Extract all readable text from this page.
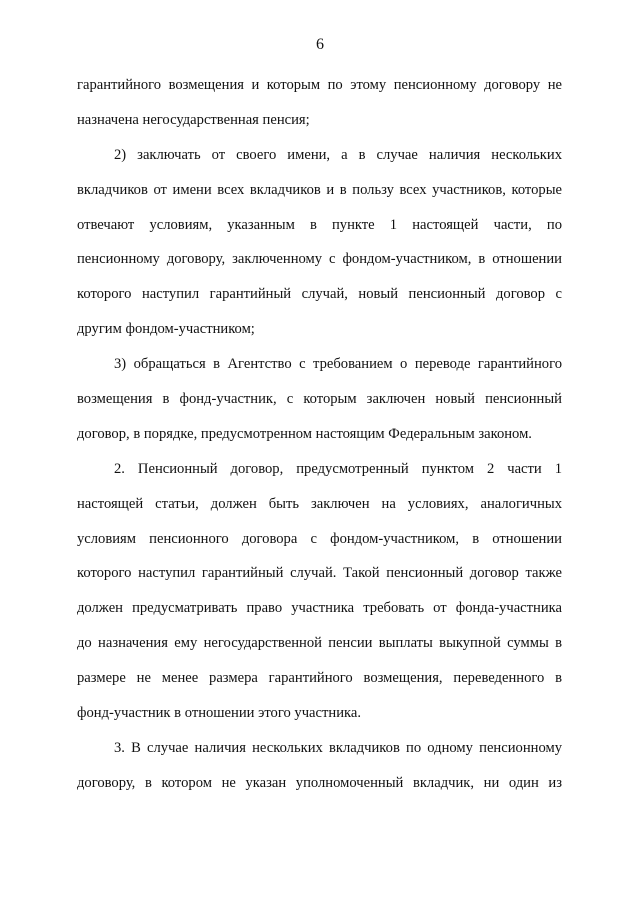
6
гарантийного возмещения и которым по этому пенсионному договору не
назначена негосударственная пенсия;
2) заключать от своего имени, а в случае наличия нескольких
вкладчиков от имени всех вкладчиков и в пользу всех участников, которые
отвечают условиям, указанным в пункте 1 настоящей части, по
пенсионному договору, заключенному с фондом-участником, в отношении
которого наступил гарантийный случай, новый пенсионный договор с
другим фондом-участником;
3) обращаться в Агентство с требованием о переводе гарантийного
возмещения в фонд-участник, с которым заключен новый пенсионный
договор, в порядке, предусмотренном настоящим Федеральным законом.
2. Пенсионный договор, предусмотренный пунктом 2 части 1
настоящей статьи, должен быть заключен на условиях, аналогичных
условиям пенсионного договора с фондом-участником, в отношении
которого наступил гарантийный случай. Такой пенсионный договор также
должен предусматривать право участника требовать от фонда-участника
до назначения ему негосударственной пенсии выплаты выкупной суммы в
размере не менее размера гарантийного возмещения, переведенного в
фонд-участник в отношении этого участника.
3. В случае наличия нескольких вкладчиков по одному пенсионному
договору, в котором не указан уполномоченный вкладчик, ни один из
